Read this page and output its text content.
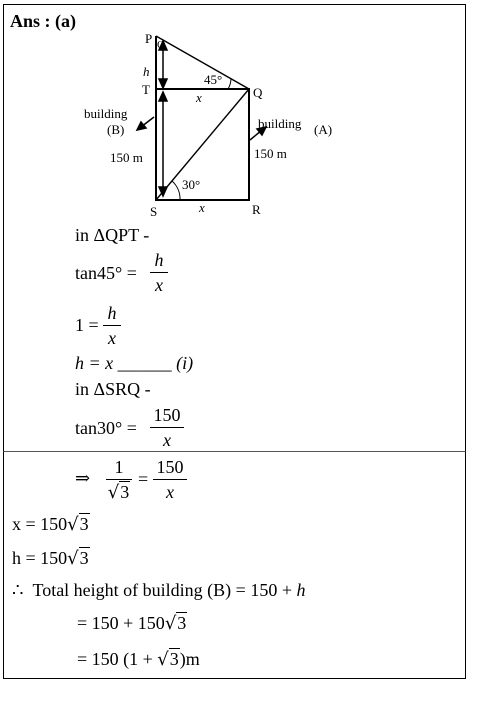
Ans : (a)
P O
T	Q
S	R
h
x
x
45°
30°
building
(B)	building (A)
150 m	150 m
in ΔQPT -
tan45° =
h
x
1 =
h
x
h = x ______ (i)
in ΔSRQ -
tan30° =
150
x
⇒
1
√3
=
150
x
x = 150√3
h = 150√3
∴ Total height of building (B) = 150 + h
= 150 + 150√3
= 150 (1 + √3)m
